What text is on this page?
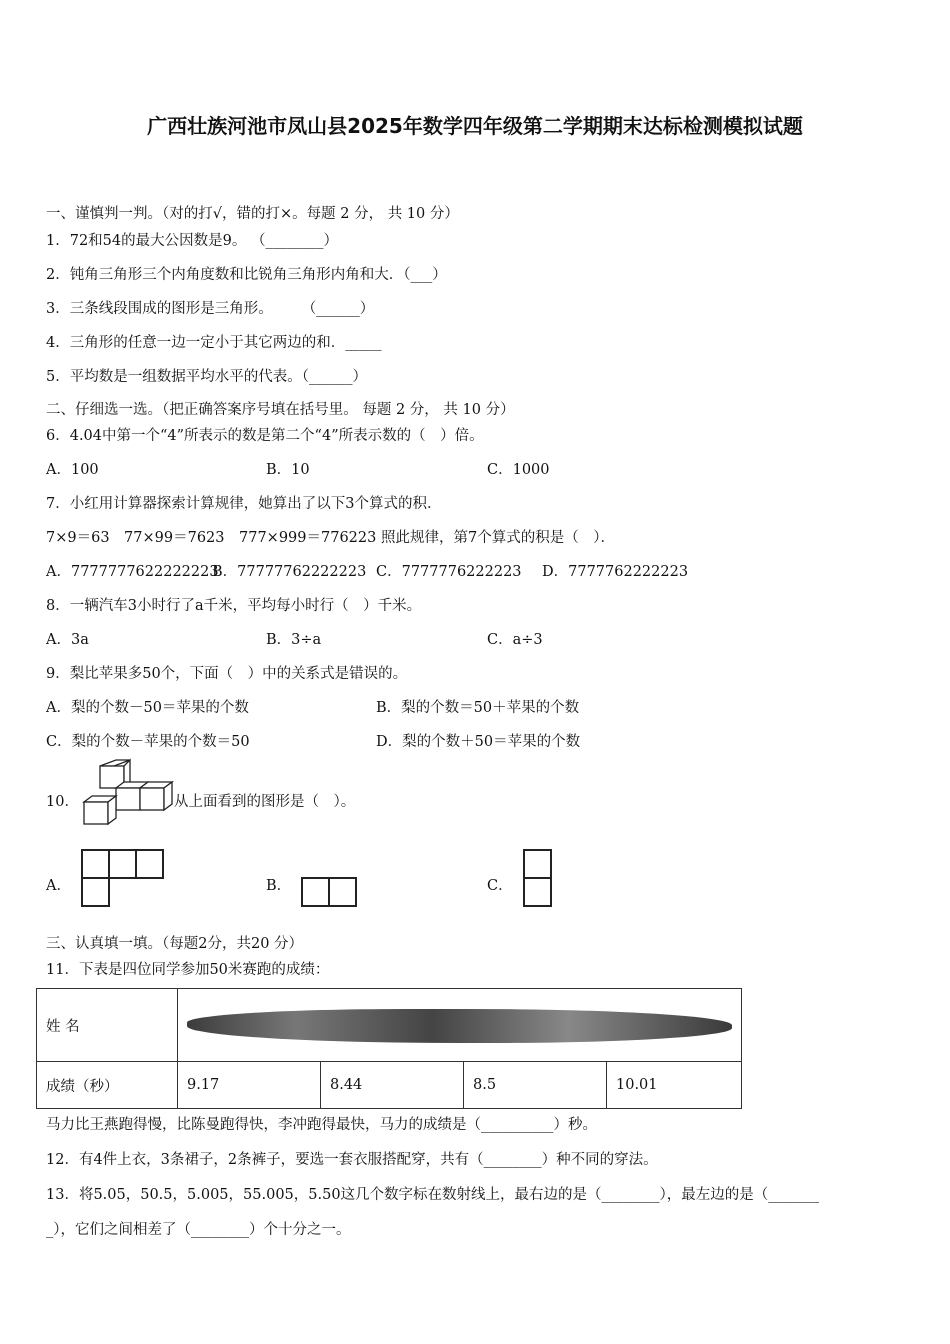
广西壮族河池市凤山县2025年数学四年级第二学期期末达标检测模拟试题
一、谨慎判一判。（对的打√，错的打×。每题 2 分， 共 10 分）
1．72和54的最大公因数是9。 （________）
2．钝角三角形三个内角度数和比锐角三角形内角和大．（___）
3．三条线段围成的图形是三角形。　　　（______）
4．三角形的任意一边一定小于其它两边的和．_____
5．平均数是一组数据平均水平的代表。（______）
二、仔细选一选。（把正确答案序号填在括号里。 每题 2 分， 共 10 分）
6．4.04中第一个“4”所表示的数是第二个“4”所表示数的（　）倍。
A．100	B．10	C．1000
7．小红用计算器探索计算规律，她算出了以下3个算式的积．
7×9＝63　77×99＝7623　777×999＝776223 照此规律，第7个算式的积是（　）．
A．7777777622222223
B．77777762222223 C．7777776222223 D．7777762222223
8．一辆汽车3小时行了a千米，平均每小时行（　）千米。
A．3a	B．3÷a	C．a÷3
9．梨比苹果多50个，下面（　）中的关系式是错误的。
A．梨的个数－50＝苹果的个数	B．梨的个数＝50＋苹果的个数
C．梨的个数－苹果的个数＝50	D．梨的个数＋50＝苹果的个数
10．	从上面看到的图形是（　）。
A．	B．	C．
三、认真填一填。（每题2分，共20 分）
11．下表是四位同学参加50米赛跑的成绩：
姓 名				

成绩（秒）	9.17	8.44	8.5	10.01
马力比王燕跑得慢，比陈曼跑得快，李冲跑得最快，马力的成绩是（__________）秒。
12．有4件上衣，3条裙子，2条裤子，要选一套衣服搭配穿，共有（________）种不同的穿法。
13．将5.05，50.5，5.005，55.005，5.50这几个数字标在数射线上，最右边的是（________），最左边的是（_______
_），它们之间相差了（________）个十分之一。
